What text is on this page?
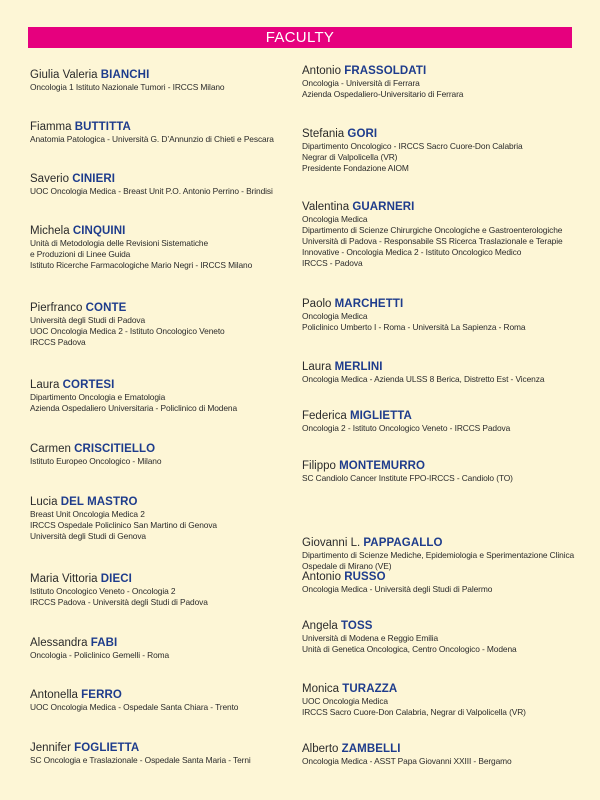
FACULTY
Giulia Valeria BIANCHI
Oncologia 1 Istituto Nazionale Tumori - IRCCS Milano
Fiamma BUTTITTA
Anatomia Patologica - Università G. D’Annunzio di Chieti e Pescara
Saverio CINIERI
UOC Oncologia Medica - Breast Unit P.O. Antonio Perrino - Brindisi
Michela CINQUINI
Unità di Metodologia delle Revisioni Sistematiche
e Produzioni di Linee Guida
Istituto Ricerche Farmacologiche Mario Negri - IRCCS Milano
Pierfranco CONTE
Università degli Studi di Padova
UOC Oncologia Medica 2 - Istituto Oncologico Veneto
IRCCS Padova
Laura CORTESI
Dipartimento Oncologia e Ematologia
Azienda Ospedaliero Universitaria - Policlinico di Modena
Carmen CRISCITIELLO
Istituto Europeo Oncologico - Milano
Lucia DEL MASTRO
Breast Unit Oncologia Medica 2
IRCCS Ospedale Policlinico San Martino di Genova
Università degli Studi di Genova
Maria Vittoria DIECI
Istituto Oncologico Veneto - Oncologia 2
IRCCS Padova - Università degli Studi di Padova
Alessandra FABI
Oncologia - Policlinico Gemelli - Roma
Antonella FERRO
UOC Oncologia Medica - Ospedale Santa Chiara - Trento
Jennifer FOGLIETTA
SC Oncologia e Traslazionale - Ospedale Santa Maria - Terni
Antonio FRASSOLDATI
Oncologia - Università di Ferrara
Azienda Ospedaliero-Universitario di Ferrara
Stefania GORI
Dipartimento Oncologico - IRCCS Sacro Cuore-Don Calabria
Negrar di Valpolicella (VR)
Presidente Fondazione AIOM
Valentina GUARNERI
Oncologia Medica
Dipartimento di Scienze Chirurgiche Oncologiche e Gastroenterologiche
Università di Padova - Responsabile SS Ricerca Traslazionale e Terapie
Innovative - Oncologia Medica 2 - Istituto Oncologico Medico
IRCCS - Padova
Paolo MARCHETTI
Oncologia Medica
Policlinico Umberto I - Roma - Università La Sapienza - Roma
Laura MERLINI
Oncologia Medica - Azienda ULSS 8 Berica, Distretto Est - Vicenza
Federica MIGLIETTA
Oncologia 2 - Istituto Oncologico Veneto - IRCCS Padova
Filippo MONTEMURRO
SC Candiolo Cancer Institute FPO-IRCCS - Candiolo (TO)
Giovanni L. PAPPAGALLO
Dipartimento di Scienze Mediche, Epidemiologia e Sperimentazione Clinica
Ospedale di Mirano (VE)
Antonio RUSSO
Oncologia Medica - Università degli Studi di Palermo
Angela TOSS
Università di Modena e Reggio Emilia
Unità di Genetica Oncologica, Centro Oncologico - Modena
Monica TURAZZA
UOC Oncologia Medica
IRCCS Sacro Cuore-Don Calabria, Negrar di Valpolicella (VR)
Alberto ZAMBELLI
Oncologia Medica - ASST Papa Giovanni XXIII - Bergamo
